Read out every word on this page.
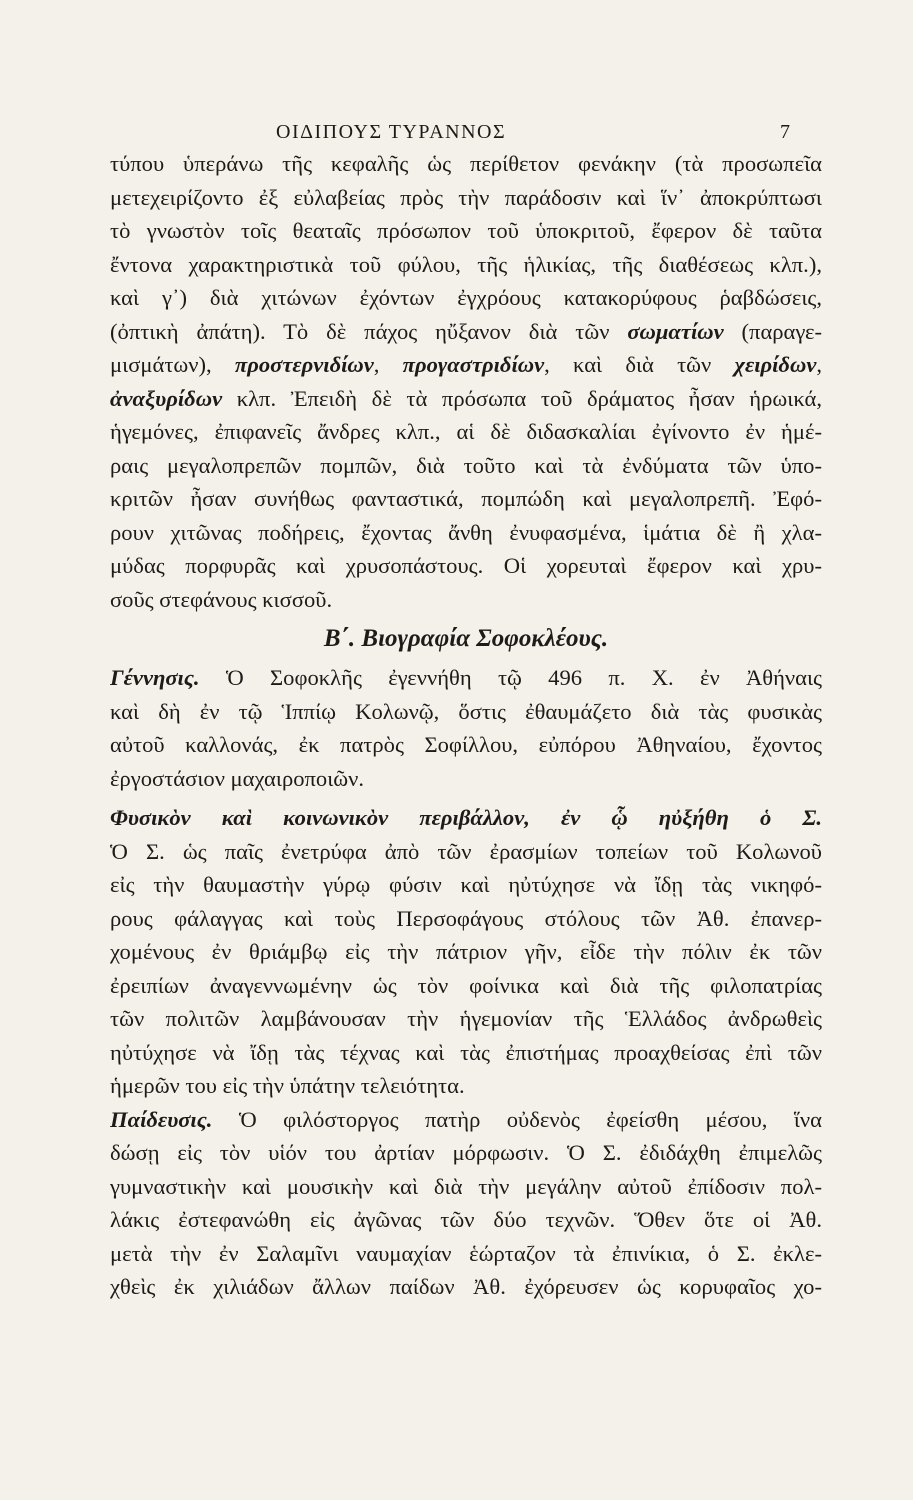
ΟΙΔΙΠΟΥΣ ΤΥΡΑΝΝΟΣ	7
τύπου ὑπεράνω τῆς κεφαλῆς ὡς περίθετον φενάκην (τὰ προσωπεῖα
μετεχειρίζοντο ἐξ εὐλαβείας πρὸς τὴν παράδοσιν καὶ ἵν᾽ ἀποκρύπτωσι
τὸ γνωστὸν τοῖς θεαταῖς πρόσωπον τοῦ ὑποκριτοῦ, ἔφερον δὲ ταῦτα
ἔντονα χαρακτηριστικὰ τοῦ φύλου, τῆς ἡλικίας, τῆς διαθέσεως κλπ.),
καὶ γ᾽) διὰ χιτώνων ἐχόντων ἐγχρόους κατακορύφους ῥαβδώσεις,
(ὀπτικὴ ἀπάτη). Τὸ δὲ πάχος ηὔξανον διὰ τῶν σωματίων (παραγε-
μισμάτων), προστερνιδίων, προγαστριδίων, καὶ διὰ τῶν χειρίδων,
ἀναξυρίδων κλπ. Ἐπειδὴ δὲ τὰ πρόσωπα τοῦ δράματος ἦσαν ἡρωικά,
ἡγεμόνες, ἐπιφανεῖς ἄνδρες κλπ., αἱ δὲ διδασκαλίαι ἐγίνοντο ἐν ἡμέ-
ραις μεγαλοπρεπῶν πομπῶν, διὰ τοῦτο καὶ τὰ ἐνδύματα τῶν ὑπο-
κριτῶν ἦσαν συνήθως φανταστικά, πομπώδη καὶ μεγαλοπρεπῆ. Ἐφό-
ρουν χιτῶνας ποδήρεις, ἔχοντας ἄνθη ἐνυφασμένα, ἱμάτια δὲ ἢ χλα-
μύδας πορφυρᾶς καὶ χρυσοπάστους. Οἱ χορευταὶ ἔφερον καὶ χρυ-
σοῦς στεφάνους κισσοῦ.
Β΄. Βιογραφία Σοφοκλέους.
Γέννησις. Ὁ Σοφοκλῆς ἐγεννήθη τῷ 496 π. Χ. ἐν Ἀθήναις
καὶ δὴ ἐν τῷ Ἱππίῳ Κολωνῷ, ὅστις ἐθαυμάζετο διὰ τὰς φυσικὰς
αὐτοῦ καλλονάς, ἐκ πατρὸς Σοφίλλου, εὐπόρου Ἀθηναίου, ἔχοντος
ἐργοστάσιον μαχαιροποιῶν.
Φυσικὸν καὶ κοινωνικὸν περιβάλλον, ἐν ᾧ ηὐξήθη ὁ Σ.
Ὁ Σ. ὡς παῖς ἐνετρύφα ἀπὸ τῶν ἐρασμίων τοπείων τοῦ Κολωνοῦ
εἰς τὴν θαυμαστὴν γύρῳ φύσιν καὶ ηὐτύχησε νὰ ἴδῃ τὰς νικηφό-
ρους φάλαγγας καὶ τοὺς Περσοφάγους στόλους τῶν Ἀθ. ἐπανερ-
χομένους ἐν θριάμβῳ εἰς τὴν πάτριον γῆν, εἶδε τὴν πόλιν ἐκ τῶν
ἐρειπίων ἀναγεννωμένην ὡς τὸν φοίνικα καὶ διὰ τῆς φιλοπατρίας
τῶν πολιτῶν λαμβάνουσαν τὴν ἡγεμονίαν τῆς Ἑλλάδος ἀνδρωθεὶς
ηὐτύχησε νὰ ἴδῃ τὰς τέχνας καὶ τὰς ἐπιστήμας προαχθείσας ἐπὶ τῶν
ἡμερῶν του εἰς τὴν ὑπάτην τελειότητα.
Παίδευσις. Ὁ φιλόστοργος πατὴρ οὐδενὸς ἐφείσθη μέσου, ἵνα
δώσῃ εἰς τὸν υἱόν του ἀρτίαν μόρφωσιν. Ὁ Σ. ἐδιδάχθη ἐπιμελῶς
γυμναστικὴν καὶ μουσικὴν καὶ διὰ τὴν μεγάλην αὐτοῦ ἐπίδοσιν πολ-
λάκις ἐστεφανώθη εἰς ἀγῶνας τῶν δύο τεχνῶν. Ὅθεν ὅτε οἱ Ἀθ.
μετὰ τὴν ἐν Σαλαμῖνι ναυμαχίαν ἑώρταζον τὰ ἐπινίκια, ὁ Σ. ἐκλε-
χθεὶς ἐκ χιλιάδων ἄλλων παίδων Ἀθ. ἐχόρευσεν ὡς κορυφαῖος χο-
